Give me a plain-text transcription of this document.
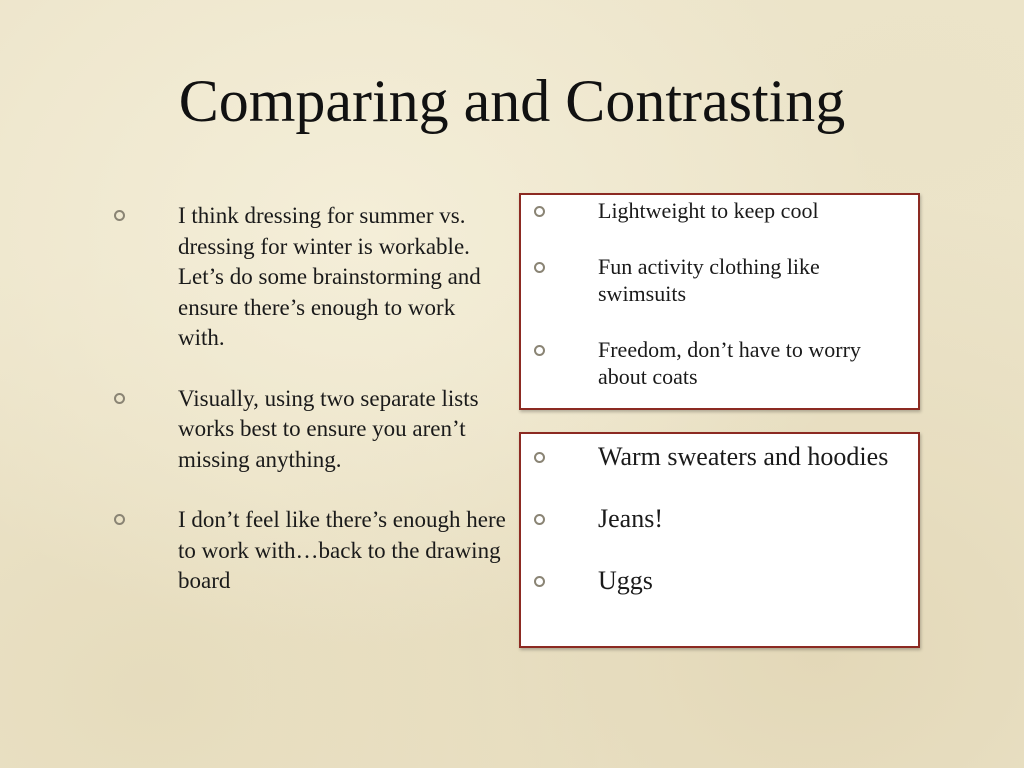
Comparing and Contrasting
I think dressing for summer vs. dressing for winter is workable. Let’s do some brainstorming and ensure there’s enough to work with.
Visually, using two separate lists works best to ensure you aren’t missing anything.
I don’t feel like there’s enough here to work with…back to the drawing board
Lightweight to keep cool
Fun activity clothing like swimsuits
Freedom, don’t have to worry about coats
Warm sweaters and hoodies
Jeans!
Uggs
